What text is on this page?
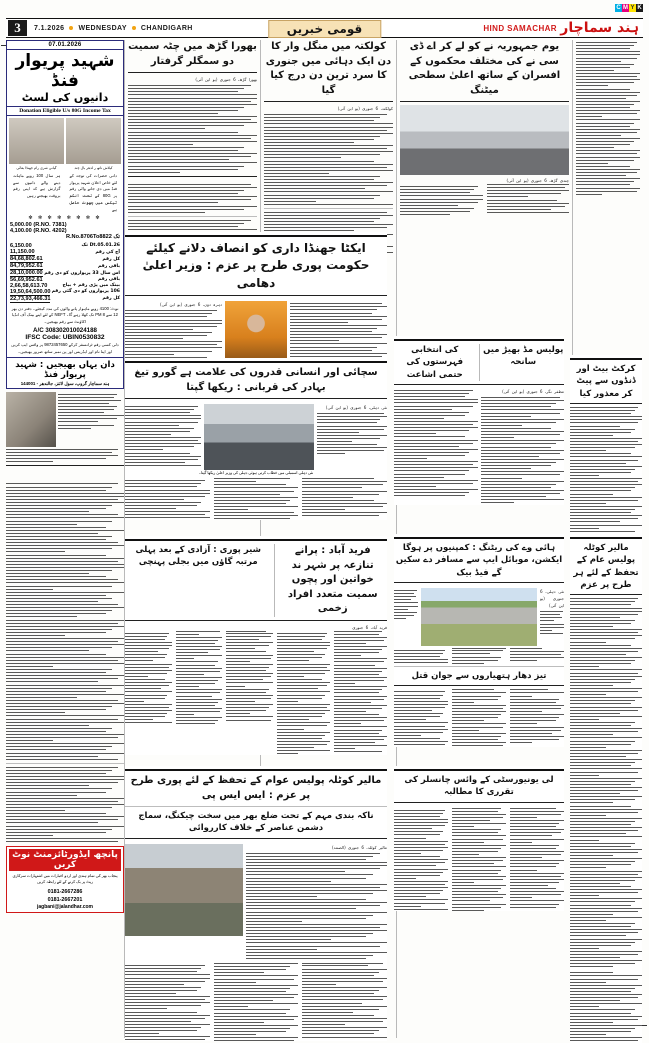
C M Y K
3	7.1.2026 WEDNESDAY CHANDIGARH	قومی خبریں	HIND SAMACHAR ہند سماچار
07.01.2026
شہید پریوار فنڈ
دانیوں کی لسٹ
Donation Eligible U/s 80G Income Tax
گیانی شری رام جھنڈا بعائی	کیلاش ناتھ ر لدھر بال چند
ہر سال 100 روپے ماہانہ دینے والے دانیوں سے گزارش ہے کہ اپنی رقم بروقت بھیجتے رہیں
دانی حضرات کی توجہ کے لئے خاص اعلان شہید پریوار فنڈ میں دی جانے والی رقم پر 80G کے تحت انکم ٹیکس میں چھوٹ حاصل ہے
✻ ✻ ✻ ✻ ✻ ✻ ✻ ✻
5,000.00 (R.NO. 7381)
4,100.00 (R.NO. 4202)
R.No.8706To8822 تک
6,150.00	Dt.05.01.26 تک
11,150.00	آج کی رقم
84,68,802.61	کل رقم
84,79,952.61	باقی رقم
28,10,000.00 اس سال 33 پریواروں کو دی رقم
56,69,952.61	باقی رقم
2,66,58,613.70	بینک میں پڑی رقم + بیاج
19,50,64,500.00 106 پریواروں کو دی گئی رقم
22,73,93,466.31	کل رقم
نوٹ: 4100 روپے ماہوار پانے والوں کی مدد کیجئے۔ دفتر دن بھر 12 سے 8 PM تک کھلا رہے گا۔ NEFT کے لئے اپنے بینک آف انڈیا اکاؤنٹ سے رقم بھیجیں۔
A/C 308302010024188
IFSC Code: UBIN0530832
دلی کسی رقم ٹرانسفر کرکے 9872457650 پر واٹس ایپ کریں اور اپنا نام اور ایڈریس اور پن نمبر ساتھ ضرور بھیجیں۔
دان یہاں بھیجیں : شہید پریوار فنڈ
ہند سماچار گروپ، سول لائنز، جالندھر - 144001

پانچھ ایڈورٹائزمنٹ نوٹ کریں
پنجاب بھر کی تمام ہندی اور اردو اخبارات میں اشتہارات سرکاری ریٹ پر بک کرنے کے لئے رابطہ کریں
0181-2667286
0181-2667201
jagbani@jalandhar.com
بھورا گڑھ میں چٹہ سمیت دو سمگلر گرفتار
بھورا گڑھ، 6 جنوری (یو این آئی)
کولکتہ میں منگل وار کا دن ایک دہائی میں جنوری کا سرد ترین دن درج کیا گیا
کولکتہ، 6 جنوری (یو این آئی)
یوم جمہوریہ نے کو لے کر اے ڈی سی نے کی مختلف محکموں کے افسران کے ساتھ اعلیٰ سطحی میٹنگ
چندی گڑھ، 6 جنوری (یو این آئی)
ایکٹا جھنڈا داری کو انصاف دلانے کیلئے حکومت پوری طرح پر عزم : وزیر اعلیٰ دھامی
دہرہ دون، 6 جنوری (یو این آئی)
سچائی اور انسانی قدروں کی علامت ہے گورو تیغ بہادر کی قربانی : ریکھا گپتا
نئی دہلی، 6 جنوری (یو این آئی)
نئی دہلی اسمبلی میں خطاب کرتی ہوئی دہلی کی وزیر اعلیٰ ریکھا گپتا۔
کی انتخابی فہرستوں کی حتمی اشاعت
پولیس مڈ بھیڑ میں سانحہ
مظفر نگر، 6 جنوری (یو این آئی)
ہائی وے کی ریٹنگ : کمپنیوں پر ہوگا ایکشن، موبائل ایپ سے مسافر دے سکیں گے فیڈ بیک
نئی دہلی، 6 جنوری (یو این آئی)
تیز دھار ہتھیاروں سے جوان قتل
شیر پوری : آزادی کے بعد پہلی مرتبہ گاؤں میں بجلی پہنچی
فرید آباد : پرانے تنازعہ پر شہر ند خواتین اور پچوں سمیت متعدد افراد زخمی

فرید آباد، 6 جنوری
مالیر کوٹلہ پولیس عوام کے تحفظ کے لئے پوری طرح پر عزم : ایس ایس پی
ناکہ بندی مہم کے تحت ضلع بھر میں سخت چیکنگ، سماج دشمن عناصر کے خلاف کارروائی
مالیر کوٹلہ، 6 جنوری (الصمد)
لی یونیورسٹی کے وائس چانسلر کی تقرری کا مطالبہ
کرکٹ بیٹ اور ڈنڈوں سے پیٹ کر معذور کیا
مالیر کوٹلہ پولیس عام کے تحفظ کے لئے ہر طرح پر عزم
